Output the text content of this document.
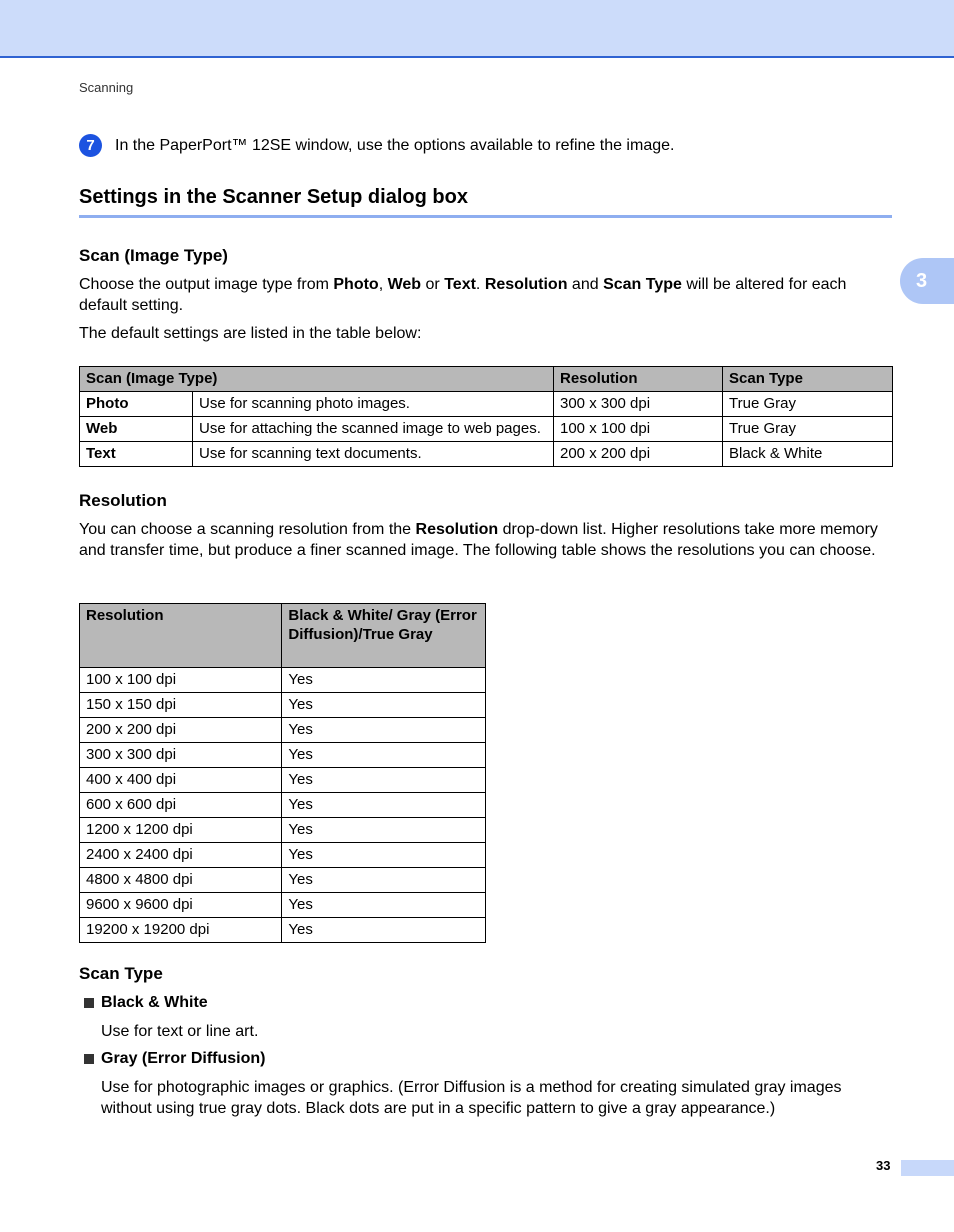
Scanning
7	In the PaperPort™ 12SE window, use the options available to refine the image.
Settings in the Scanner Setup dialog box
3
Scan (Image Type)
Choose the output image type from Photo, Web or Text. Resolution and Scan Type will be altered for each default setting.
The default settings are listed in the table below:
Scan (Image Type)		Resolution	Scan Type
Photo	Use for scanning photo images.	300 x 300 dpi	True Gray
Web	Use for attaching the scanned image to web pages.	100 x 100 dpi	True Gray
Text	Use for scanning text documents.	200 x 200 dpi	Black & White
Resolution
You can choose a scanning resolution from the Resolution drop-down list. Higher resolutions take more memory and transfer time, but produce a finer scanned image. The following table shows the resolutions you can choose.
Resolution	Black & White/ Gray (Error Diffusion)/True Gray
100 x 100 dpi	Yes
150 x 150 dpi	Yes
200 x 200 dpi	Yes
300 x 300 dpi	Yes
400 x 400 dpi	Yes
600 x 600 dpi	Yes
1200 x 1200 dpi	Yes
2400 x 2400 dpi	Yes
4800 x 4800 dpi	Yes
9600 x 9600 dpi	Yes
19200 x 19200 dpi	Yes
Scan Type
Black & White
Use for text or line art.
Gray (Error Diffusion)
Use for photographic images or graphics. (Error Diffusion is a method for creating simulated gray images without using true gray dots. Black dots are put in a specific pattern to give a gray appearance.)
33
